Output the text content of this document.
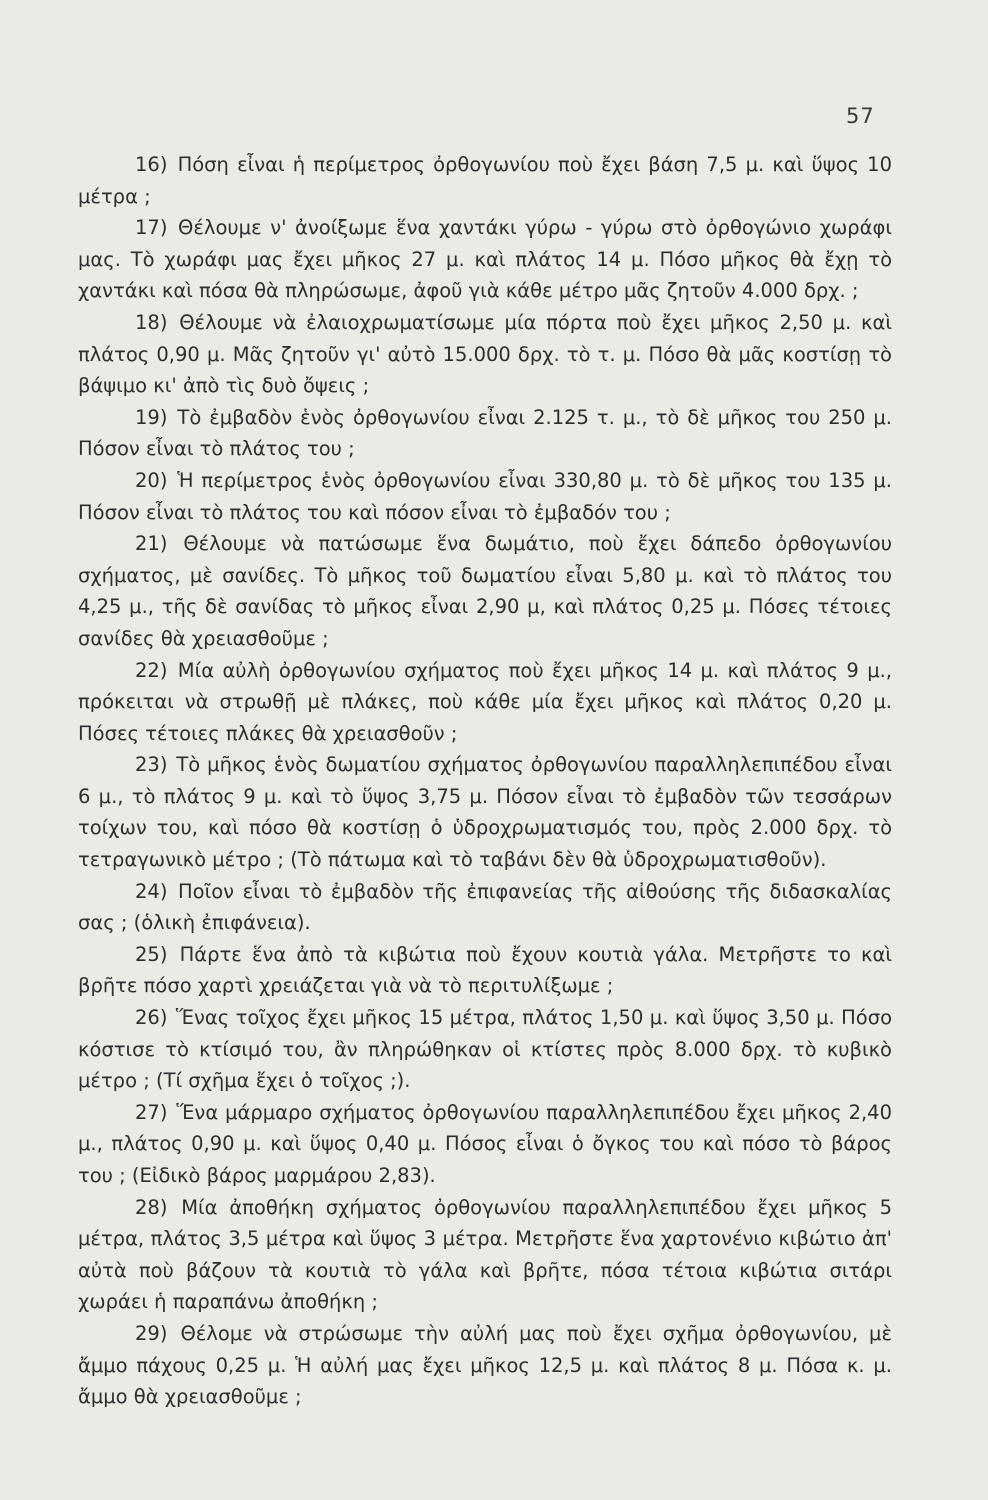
57

16) Πόση εἶναι ἡ περίμετρος ὀρθογωνίου ποὺ ἔχει βάση 7,5 μ. καὶ ὕψος 10 μέτρα ;

17) Θέλουμε ν' ἀνοίξωμε ἕνα χαντάκι γύρω - γύρω στὸ ὀρθογώνιο χωράφι μας. Τὸ χωράφι μας ἔχει μῆκος 27 μ. καὶ πλάτος 14 μ. Πόσο μῆκος θὰ ἔχῃ τὸ χαντάκι καὶ πόσα θὰ πληρώσωμε, ἀφοῦ γιὰ κάθε μέτρο μᾶς ζητοῦν 4.000 δρχ. ;

18) Θέλουμε νὰ ἐλαιοχρωματίσωμε μία πόρτα ποὺ ἔχει μῆκος 2,50 μ. καὶ πλάτος 0,90 μ. Μᾶς ζητοῦν γι' αὐτὸ 15.000 δρχ. τὸ τ. μ. Πόσο θὰ μᾶς κοστίσῃ τὸ βάψιμο κι' ἀπὸ τὶς δυὸ ὄψεις ;

19) Τὸ ἐμβαδὸν ἑνὸς ὀρθογωνίου εἶναι 2.125 τ. μ., τὸ δὲ μῆκος του 250 μ. Πόσον εἶναι τὸ πλάτος του ;

20) Ἡ περίμετρος ἑνὸς ὀρθογωνίου εἶναι 330,80 μ. τὸ δὲ μῆκος του 135 μ. Πόσον εἶναι τὸ πλάτος του καὶ πόσον εἶναι τὸ ἐμβαδόν του ;

21) Θέλουμε νὰ πατώσωμε ἕνα δωμάτιο, ποὺ ἔχει δάπεδο ὀρθογωνίου σχήματος, μὲ σανίδες. Τὸ μῆκος τοῦ δωματίου εἶναι 5,80 μ. καὶ τὸ πλάτος του 4,25 μ., τῆς δὲ σανίδας τὸ μῆκος εἶναι 2,90 μ, καὶ πλάτος 0,25 μ. Πόσες τέτοιες σανίδες θὰ χρειασθοῦμε ;

22) Μία αὐλὴ ὀρθογωνίου σχήματος ποὺ ἔχει μῆκος 14 μ. καὶ πλάτος 9 μ., πρόκειται νὰ στρωθῇ μὲ πλάκες, ποὺ κάθε μία ἔχει μῆκος καὶ πλάτος 0,20 μ. Πόσες τέτοιες πλάκες θὰ χρειασθοῦν ;

23) Τὸ μῆκος ἑνὸς δωματίου σχήματος ὀρθογωνίου παραλληλεπιπέδου εἶναι 6 μ., τὸ πλάτος 9 μ. καὶ τὸ ὕψος 3,75 μ. Πόσον εἶναι τὸ ἐμβαδὸν τῶν τεσσάρων τοίχων του, καὶ πόσο θὰ κοστίσῃ ὁ ὑδροχρωματισμός του, πρὸς 2.000 δρχ. τὸ τετραγωνικὸ μέτρο ; (Τὸ πάτωμα καὶ τὸ ταβάνι δὲν θὰ ὑδροχρωματισθοῦν).

24) Ποῖον εἶναι τὸ ἐμβαδὸν τῆς ἐπιφανείας τῆς αἰθούσης τῆς διδασκαλίας σας ; (ὁλικὴ ἐπιφάνεια).

25) Πάρτε ἕνα ἀπὸ τὰ κιβώτια ποὺ ἔχουν κουτιὰ γάλα. Μετρῆστε το καὶ βρῆτε πόσο χαρτὶ χρειάζεται γιὰ νὰ τὸ περιτυλίξωμε ;

26) Ἕνας τοῖχος ἔχει μῆκος 15 μέτρα, πλάτος 1,50 μ. καὶ ὕψος 3,50 μ. Πόσο κόστισε τὸ κτίσιμό του, ἂν πληρώθηκαν οἱ κτίστες πρὸς 8.000 δρχ. τὸ κυβικὸ μέτρο ; (Τί σχῆμα ἔχει ὁ τοῖχος ;).

27) Ἕνα μάρμαρο σχήματος ὀρθογωνίου παραλληλεπιπέδου ἔχει μῆκος 2,40 μ., πλάτος 0,90 μ. καὶ ὕψος 0,40 μ. Πόσος εἶναι ὁ ὄγκος του καὶ πόσο τὸ βάρος του ; (Εἰδικὸ βάρος μαρμάρου 2,83).

28) Μία ἀποθήκη σχήματος ὀρθογωνίου παραλληλεπιπέδου ἔχει μῆκος 5 μέτρα, πλάτος 3,5 μέτρα καὶ ὕψος 3 μέτρα. Μετρῆστε ἕνα χαρτονένιο κιβώτιο ἀπ' αὐτὰ ποὺ βάζουν τὰ κουτιὰ τὸ γάλα καὶ βρῆτε, πόσα τέτοια κιβώτια σιτάρι χωράει ἡ παραπάνω ἀποθήκη ;

29) Θέλομε νὰ στρώσωμε τὴν αὐλή μας ποὺ ἔχει σχῆμα ὀρθογωνίου, μὲ ἄμμο πάχους 0,25 μ. Ἡ αὐλή μας ἔχει μῆκος 12,5 μ. καὶ πλάτος 8 μ. Πόσα κ. μ. ἄμμο θὰ χρειασθοῦμε ;
